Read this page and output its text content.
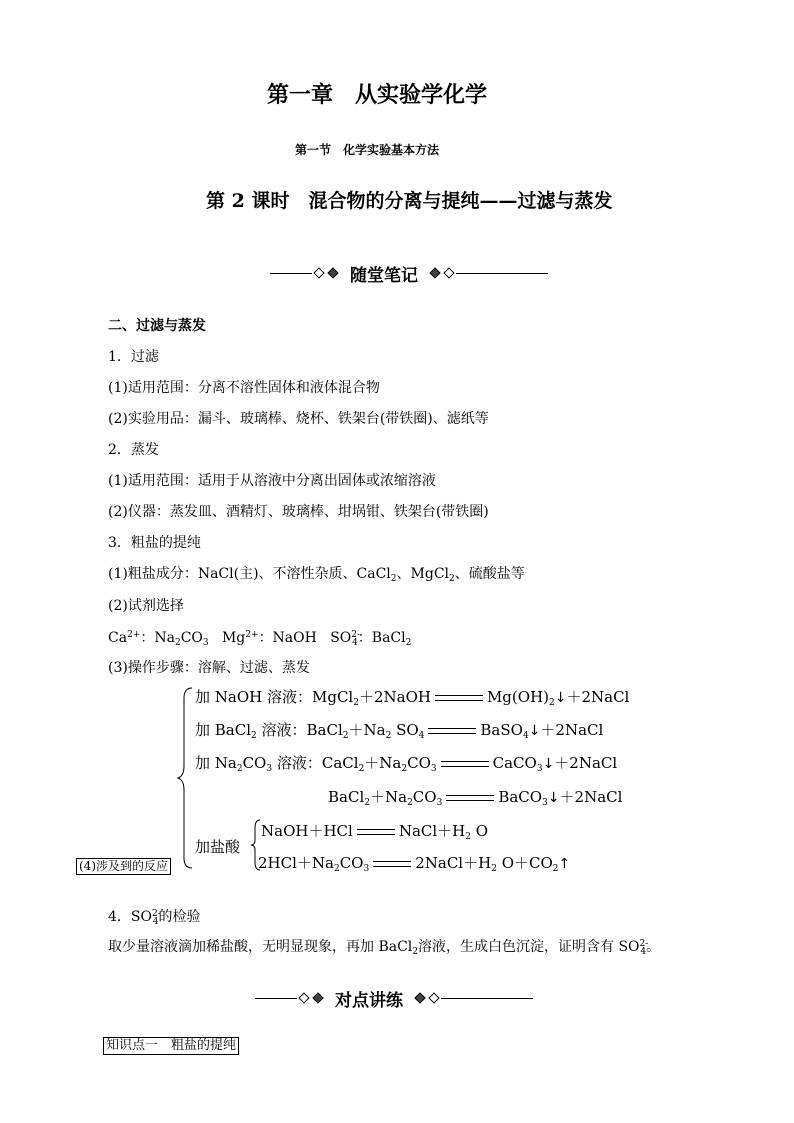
第一章　从实验学化学
第一节　化学实验基本方法
第 2 课时　混合物的分离与提纯——过滤与蒸发
随堂笔记
二、过滤与蒸发
1．过滤
(1)适用范围：分离不溶性固体和液体混合物
(2)实验用品：漏斗、玻璃棒、烧杯、铁架台(带铁圈)、滤纸等
2．蒸发
(1)适用范围：适用于从溶液中分离出固体或浓缩溶液
(2)仪器：蒸发皿、酒精灯、玻璃棒、坩埚钳、铁架台(带铁圈)
3．粗盐的提纯
(1)粗盐成分：NaCl(主)、不溶性杂质、CaCl$_2$、MgCl$_2$、硫酸盐等
(2)试剂选择
$Ca^{2+}$：$Na_2CO_3$   $Mg^{2+}$：NaOH   $SO^{2-}_4$：BaCl$_2$
(3)操作步骤：溶解、过滤、蒸发
加 NaOH 溶液：MgCl$_2$＋2NaOH	$Mg(OH)_2↓+2NaCl$
加 BaCl$_2$ 溶液：$BaCl_2+Na_2$ $SO_4$	BaSO$_4$↓＋2NaCl
加 $Na_2CO_3$ 溶液：$CaCl_2+Na_2CO_3$	CaCO$_3$↓＋2NaCl
$BaCl_2+Na_2CO_3$	BaCO$_3$↓＋2NaCl
加盐酸
NaOH＋HCl	$NaCl+H_2$ O
$2HCl+Na_2CO_3$	$2NaCl+H_2$ $O+CO_2↑$
(4)涉及到的反应
4．$SO^{2-}_4$的检验
取少量溶液滴加稀盐酸，无明显现象，再加 BaCl$_2$溶液，生成白色沉淀，证明含有 $SO^{2-}_4$。
对点讲练
知识点一　粗盐的提纯
